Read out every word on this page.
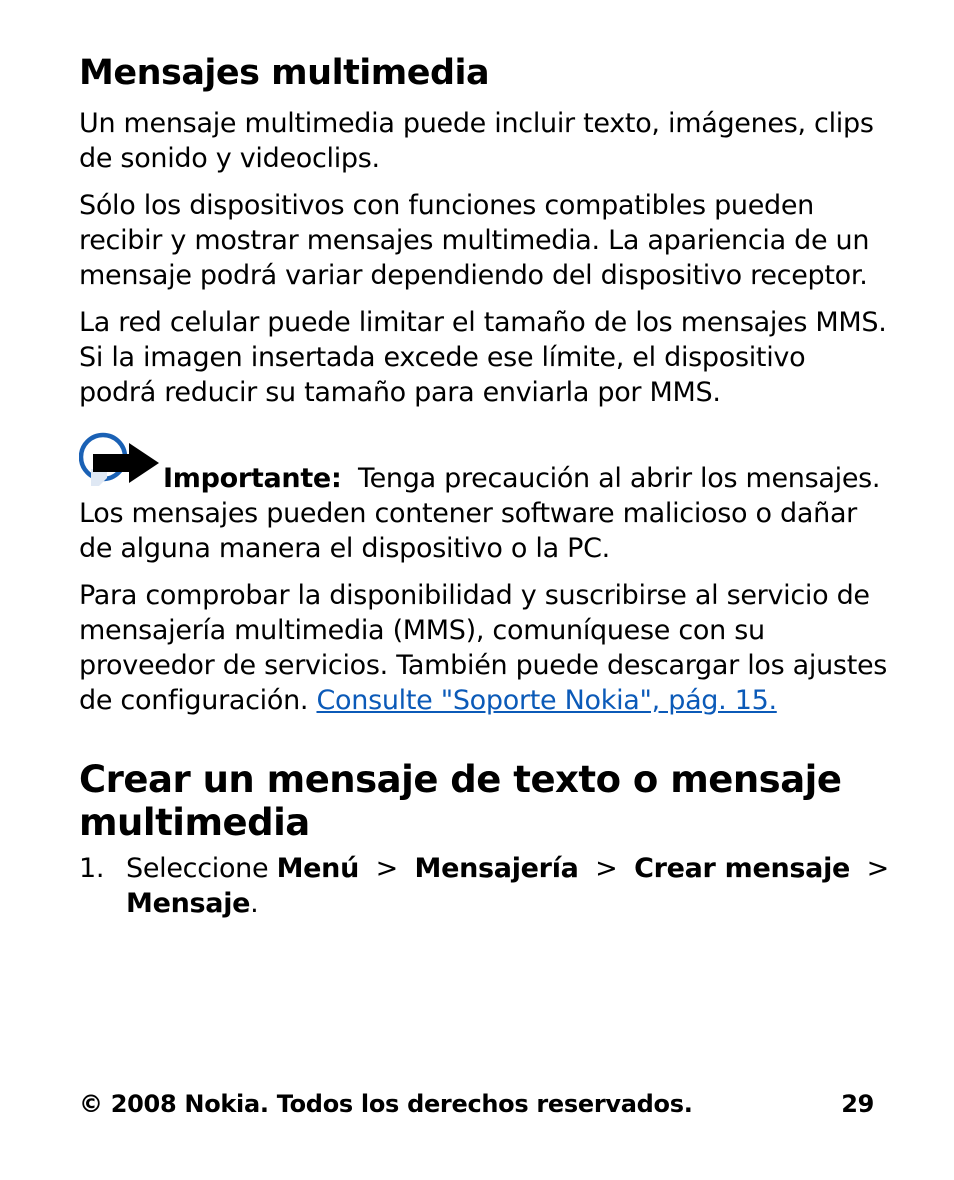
Mensajes multimedia

Un mensaje multimedia puede incluir texto, imágenes, clips de sonido y videoclips.

Sólo los dispositivos con funciones compatibles pueden recibir y mostrar mensajes multimedia. La apariencia de un mensaje podrá variar dependiendo del dispositivo receptor.

La red celular puede limitar el tamaño de los mensajes MMS. Si la imagen insertada excede ese límite, el dispositivo podrá reducir su tamaño para enviarla por MMS.

Importante: Tenga precaución al abrir los mensajes. Los mensajes pueden contener software malicioso o dañar de alguna manera el dispositivo o la PC.

Para comprobar la disponibilidad y suscribirse al servicio de mensajería multimedia (MMS), comuníquese con su proveedor de servicios. También puede descargar los ajustes de configuración. Consulte "Soporte Nokia", pág. 15.

Crear un mensaje de texto o mensaje multimedia
1. Seleccione Menú > Mensajería > Crear mensaje > Mensaje.
© 2008 Nokia. Todos los derechos reservados.	29
